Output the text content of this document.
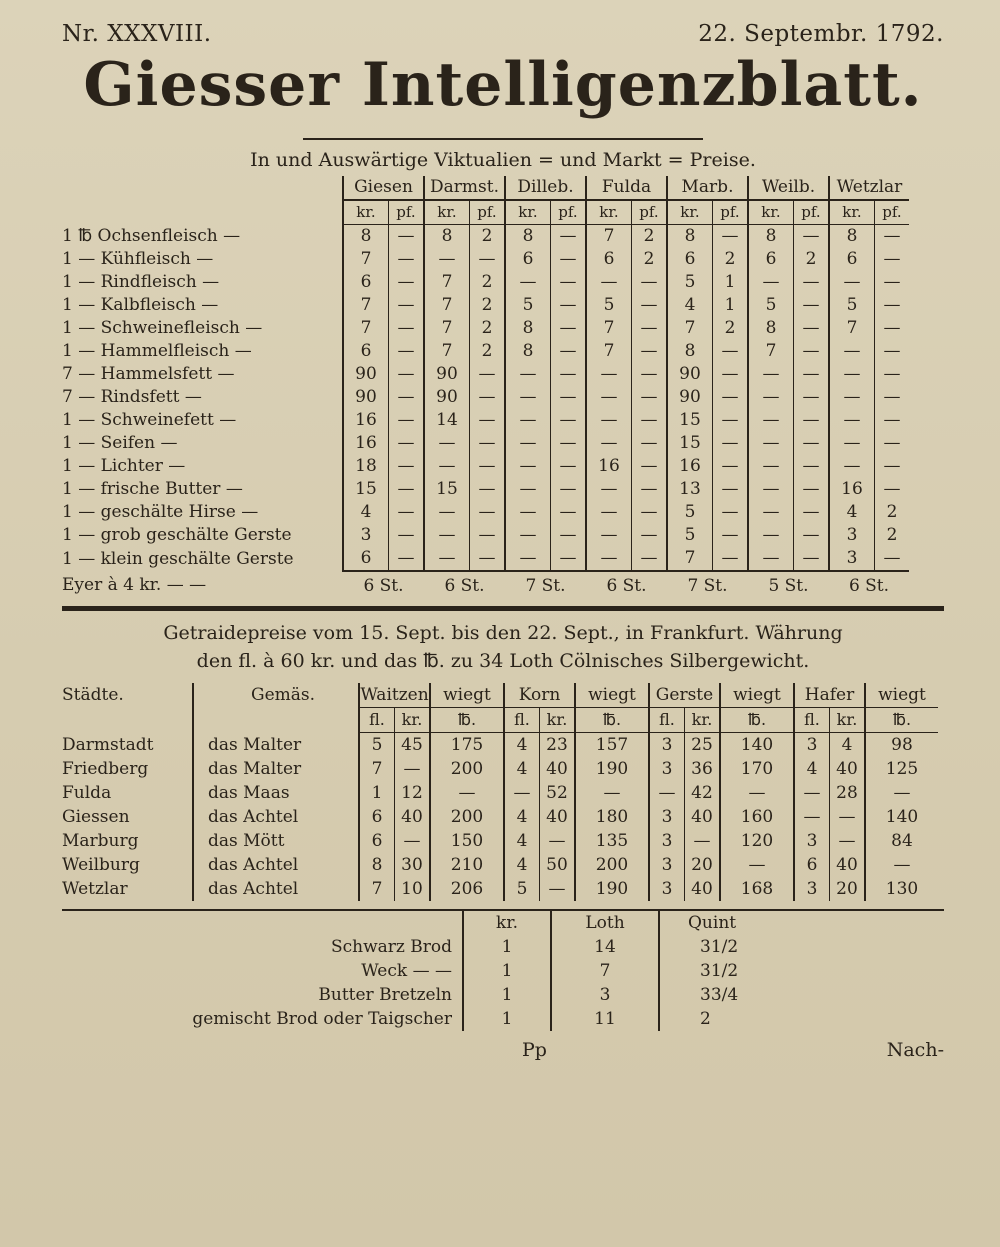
Nr. XXXVIII.	22. Septembr. 1792.
Giesser Intelligenzblatt.
In und Auswärtige Viktualien = und Markt = Preise.
	Giesen		Darmst.		Dilleb.		Fulda		Marb.		Weilb.		Wetzlar	
	kr.	pf.	kr.	pf.	kr.	pf.	kr.	pf.	kr.	pf.	kr.	pf.	kr.	pf.
1 ℔ Ochsenfleisch —	8	—	8	2	8	—	7	2	8	—	8	—	8	—
1 — Kühfleisch —	7	—	—	—	6	—	6	2	6	2	6	2	6	—
1 — Rindfleisch —	6	—	7	2	—	—	—	—	5	1	—	—	—	—
1 — Kalbfleisch —	7	—	7	2	5	—	5	—	4	1	5	—	5	—
1 — Schweinefleisch —	7	—	7	2	8	—	7	—	7	2	8	—	7	—
1 — Hammelfleisch —	6	—	7	2	8	—	7	—	8	—	7	—	—	—
7 — Hammelsfett —	90	—	90	—	—	—	—	—	90	—	—	—	—	—
7 — Rindsfett —	90	—	90	—	—	—	—	—	90	—	—	—	—	—
1 — Schweinefett —	16	—	14	—	—	—	—	—	15	—	—	—	—	—
1 — Seifen —	16	—	—	—	—	—	—	—	15	—	—	—	—	—
1 — Lichter —	18	—	—	—	—	—	16	—	16	—	—	—	—	—
1 — frische Butter —	15	—	15	—	—	—	—	—	13	—	—	—	16	—
1 — geschälte Hirse —	4	—	—	—	—	—	—	—	5	—	—	—	4	2
1 — grob geschälte Gerste	3	—	—	—	—	—	—	—	5	—	—	—	3	2
1 — klein geschälte Gerste	6	—	—	—	—	—	—	—	7	—	—	—	3	—
Eyer à 4 kr. — —	6 St.		6 St.		7 St.		6 St.		7 St.		5 St.		6 St.	
Getraidepreise vom 15. Sept. bis den 22. Sept., in Frankfurt. Währung
den fl. à 60 kr. und das ℔. zu 34 Loth Cölnisches Silbergewicht.
Städte.	Gemäs.	Waitzen		wiegt	Korn		wiegt	Gerste		wiegt	Hafer		wiegt
		fl.	kr.	℔.	fl.	kr.	℔.	fl.	kr.	℔.	fl.	kr.	℔.
Darmstadt	das Malter	5	45	175	4	23	157	3	25	140	3	4	98
Friedberg	das Malter	7	—	200	4	40	190	3	36	170	4	40	125
Fulda	das Maas	1	12	—	—	52	—	—	42	—	—	28	—
Giessen	das Achtel	6	40	200	4	40	180	3	40	160	—	—	140
Marburg	das Mött	6	—	150	4	—	135	3	—	120	3	—	84
Weilburg	das Achtel	8	30	210	4	50	200	3	20	—	6	40	—
Wetzlar	das Achtel	7	10	206	5	—	190	3	40	168	3	20	130
	kr.	Loth	Quint
Schwarz Brod	1	14	31/2
Weck — —	1	7	31/2
Butter Bretzeln	1	3	33/4
gemischt Brod oder Taigscher	1	11	2
Pp	Nach-
